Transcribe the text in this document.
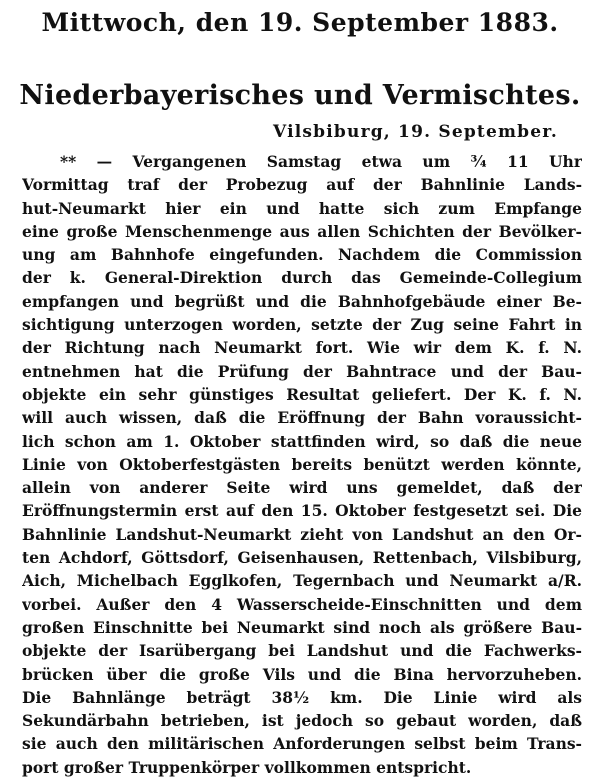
Mittwoch, den 19. September 1883.
Niederbayerisches und Vermischtes.
Vilsbiburg, 19. September.
** — Vergangenen Samstag etwa um ¾ 11 Uhr
Vormittag traf der Probezug auf der Bahnlinie Lands-
hut-Neumarkt hier ein und hatte sich zum Empfange
eine große Menschenmenge aus allen Schichten der Bevölker-
ung am Bahnhofe eingefunden. Nachdem die Commission
der k. General-Direktion durch das Gemeinde-Collegium
empfangen und begrüßt und die Bahnhofgebäude einer Be-
sichtigung unterzogen worden, setzte der Zug seine Fahrt in
der Richtung nach Neumarkt fort. Wie wir dem K. f. N.
entnehmen hat die Prüfung der Bahntrace und der Bau-
objekte ein sehr günstiges Resultat geliefert. Der K. f. N.
will auch wissen, daß die Eröffnung der Bahn voraussicht-
lich schon am 1. Oktober stattfinden wird, so daß die neue
Linie von Oktoberfestgästen bereits benützt werden könnte,
allein von anderer Seite wird uns gemeldet, daß der
Eröffnungstermin erst auf den 15. Oktober festgesetzt sei. Die
Bahnlinie Landshut-Neumarkt zieht von Landshut an den Or-
ten Achdorf, Göttsdorf, Geisenhausen, Rettenbach, Vilsbiburg,
Aich, Michelbach Egglkofen, Tegernbach und Neumarkt a/R.
vorbei. Außer den 4 Wasserscheide-Einschnitten und dem
großen Einschnitte bei Neumarkt sind noch als größere Bau-
objekte der Isarübergang bei Landshut und die Fachwerks-
brücken über die große Vils und die Bina hervorzuheben.
Die Bahnlänge beträgt 38½ km. Die Linie wird als
Sekundärbahn betrieben, ist jedoch so gebaut worden, daß
sie auch den militärischen Anforderungen selbst beim Trans-
port großer Truppenkörper vollkommen entspricht.
